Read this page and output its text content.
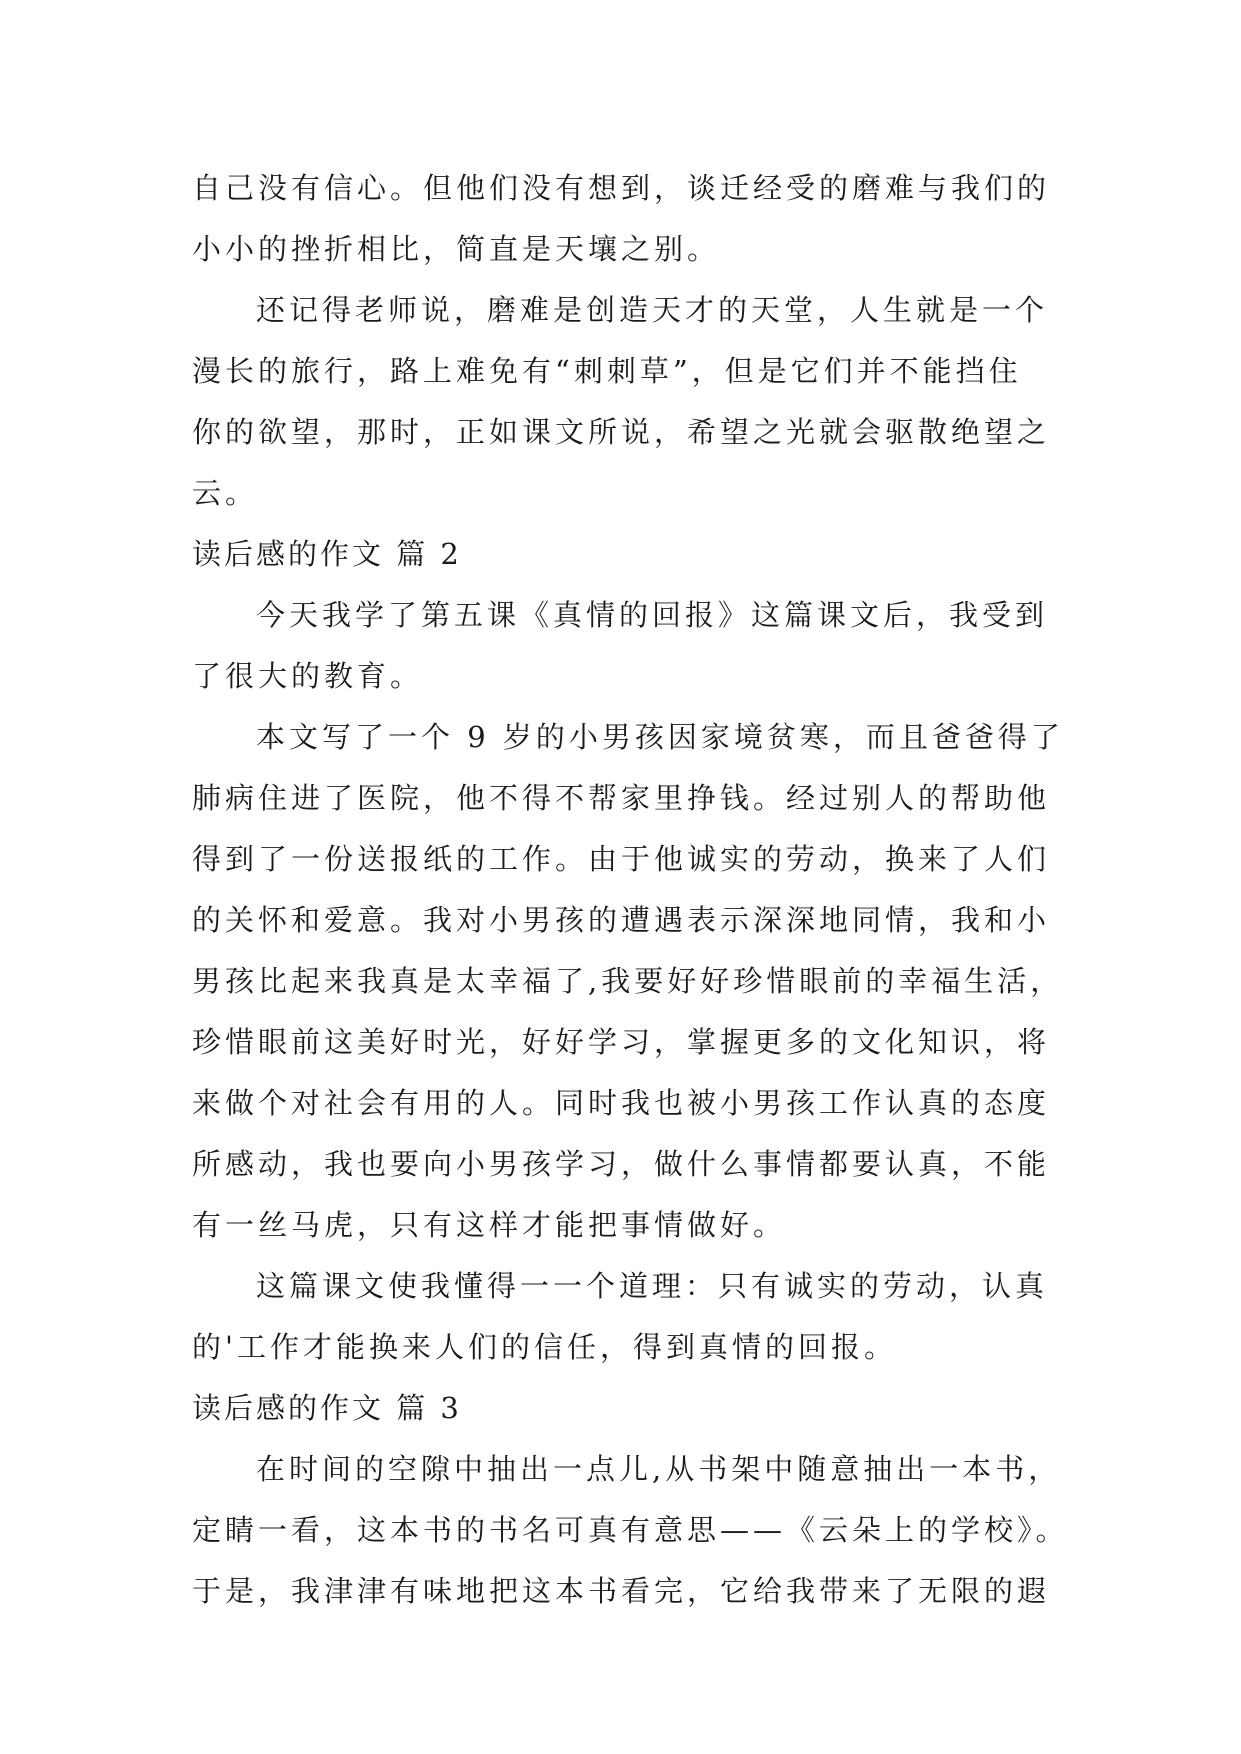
自己没有信心。但他们没有想到，谈迁经受的磨难与我们的
小小的挫折相比，简直是天壤之别。
还记得老师说，磨难是创造天才的天堂，人生就是一个
漫长的旅行，路上难免有“刺刺草”，但是它们并不能挡住
你的欲望，那时，正如课文所说，希望之光就会驱散绝望之
云。
读后感的作文 篇 2
今天我学了第五课《真情的回报》这篇课文后，我受到
了很大的教育。
本文写了一个 9 岁的小男孩因家境贫寒，而且爸爸得了
肺病住进了医院，他不得不帮家里挣钱。经过别人的帮助他
得到了一份送报纸的工作。由于他诚实的劳动，换来了人们
的关怀和爱意。我对小男孩的遭遇表示深深地同情，我和小
男孩比起来我真是太幸福了,我要好好珍惜眼前的幸福生活，
珍惜眼前这美好时光，好好学习，掌握更多的文化知识，将
来做个对社会有用的人。同时我也被小男孩工作认真的态度
所感动，我也要向小男孩学习，做什么事情都要认真，不能
有一丝马虎，只有这样才能把事情做好。
这篇课文使我懂得一一个道理：只有诚实的劳动，认真
的'工作才能换来人们的信任，得到真情的回报。
读后感的作文 篇 3
在时间的空隙中抽出一点儿,从书架中随意抽出一本书，
定睛一看，这本书的书名可真有意思——《云朵上的学校》。
于是，我津津有味地把这本书看完，它给我带来了无限的遐
